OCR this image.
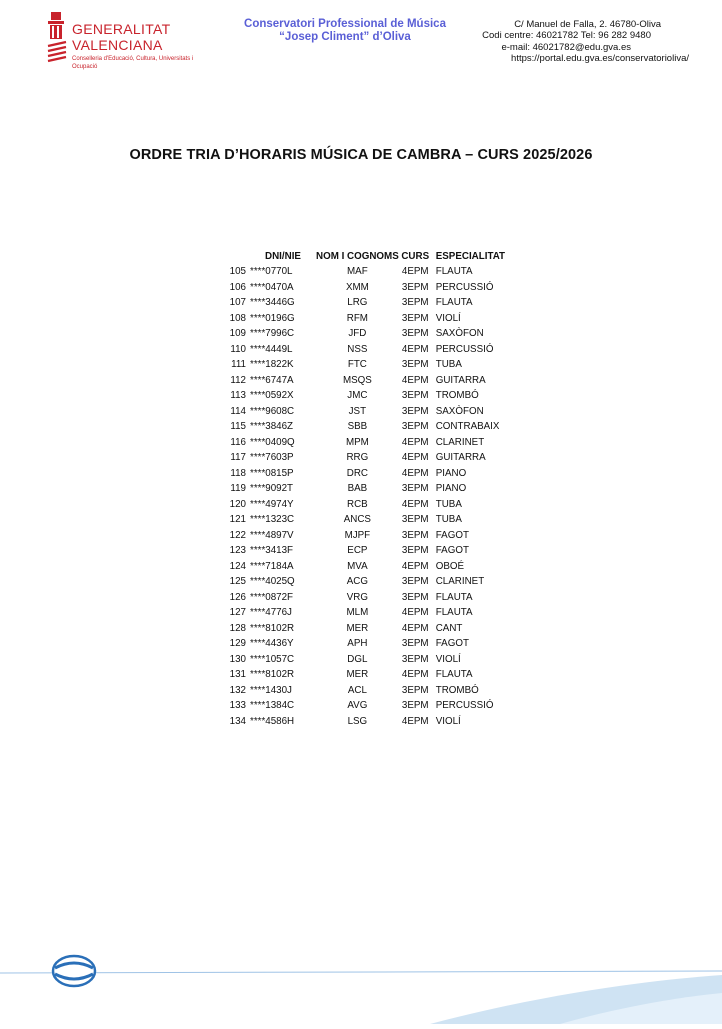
GENERALITAT
VALENCIANA
Conselleria d'Educació, Cultura, Universitats i Ocupació
Conservatori Professional de Música
“Josep Climent” d’Oliva
C/ Manuel de Falla, 2. 46780-Oliva
Codi centre: 46021782 Tel: 96 282 9480
e-mail: 46021782@edu.gva.es
https://portal.edu.gva.es/conservatorioliva/
ORDRE TRIA D’HORARIS MÚSICA DE CAMBRA – CURS 2025/2026
	DNI/NIE	NOM I COGNOMS	CURS	ESPECIALITAT
105	****0770L	MAF	4EPM	FLAUTA
106	****0470A	XMM	3EPM	PERCUSSIÓ
107	****3446G	LRG	3EPM	FLAUTA
108	****0196G	RFM	3EPM	VIOLÍ
109	****7996C	JFD	3EPM	SAXÒFON
110	****4449L	NSS	4EPM	PERCUSSIÓ
111	****1822K	FTC	3EPM	TUBA
112	****6747A	MSQS	4EPM	GUITARRA
113	****0592X	JMC	3EPM	TROMBÓ
114	****9608C	JST	3EPM	SAXÒFON
115	****3846Z	SBB	3EPM	CONTRABAIX
116	****0409Q	MPM	4EPM	CLARINET
117	****7603P	RRG	4EPM	GUITARRA
118	****0815P	DRC	4EPM	PIANO
119	****9092T	BAB	3EPM	PIANO
120	****4974Y	RCB	4EPM	TUBA
121	****1323C	ANCS	3EPM	TUBA
122	****4897V	MJPF	3EPM	FAGOT
123	****3413F	ECP	3EPM	FAGOT
124	****7184A	MVA	4EPM	OBOÉ
125	****4025Q	ACG	3EPM	CLARINET
126	****0872F	VRG	3EPM	FLAUTA
127	****4776J	MLM	4EPM	FLAUTA
128	****8102R	MER	4EPM	CANT
129	****4436Y	APH	3EPM	FAGOT
130	****1057C	DGL	3EPM	VIOLÍ
131	****8102R	MER	4EPM	FLAUTA
132	****1430J	ACL	3EPM	TROMBÓ
133	****1384C	AVG	3EPM	PERCUSSIÓ
134	****4586H	LSG	4EPM	VIOLÍ
